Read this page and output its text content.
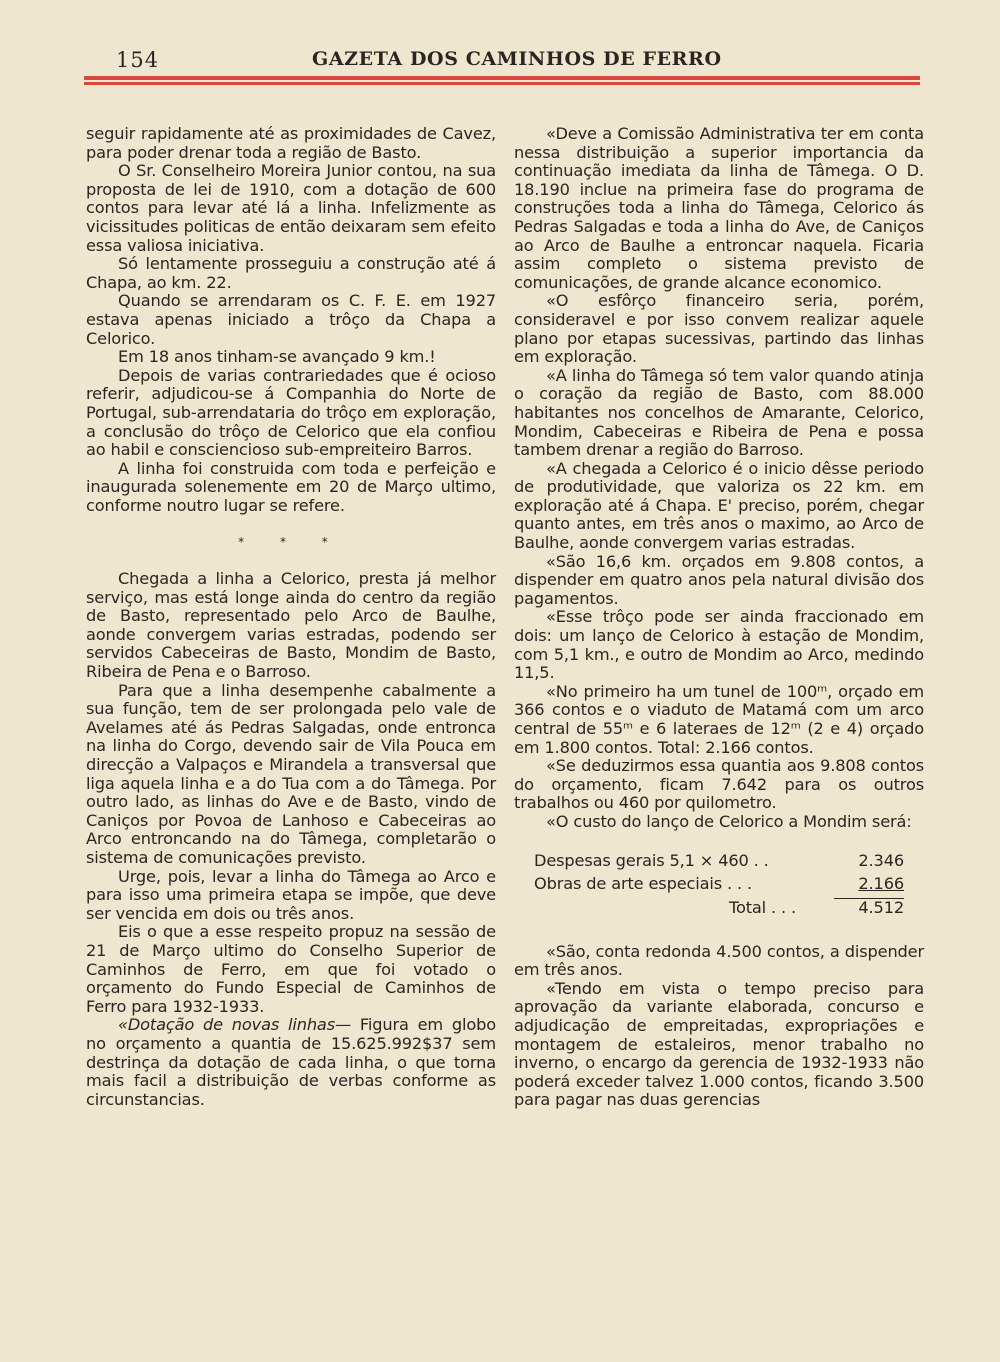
154	GAZETA DOS CAMINHOS DE FERRO

seguir rapidamente até as proximidades de Cavez, para poder drenar toda a região de Basto.

O Sr. Conselheiro Moreira Junior contou, na sua proposta de lei de 1910, com a dotação de 600 contos para levar até lá a linha. Infelizmente as vicissitudes politicas de então deixaram sem efeito essa valiosa iniciativa.

Só lentamente prosseguiu a construção até á Chapa, ao km. 22.

Quando se arrendaram os C. F. E. em 1927 estava apenas iniciado a trôço da Chapa a Celorico.

Em 18 anos tinham-se avançado 9 km.!

Depois de varias contrariedades que é ocioso referir, adjudicou-se á Companhia do Norte de Portugal, sub-arrendataria do trôço em exploração, a conclusão do trôço de Celorico que ela confiou ao habil e consciencioso sub-empreiteiro Barros.

A linha foi construida com toda e perfeição e inaugurada solenemente em 20 de Março ultimo, conforme noutro lugar se refere.

* * *

Chegada a linha a Celorico, presta já melhor serviço, mas está longe ainda do centro da região de Basto, representado pelo Arco de Baulhe, aonde convergem varias estradas, podendo ser servidos Cabeceiras de Basto, Mondim de Basto, Ribeira de Pena e o Barroso.

Para que a linha desempenhe cabalmente a sua função, tem de ser prolongada pelo vale de Avelames até ás Pedras Salgadas, onde entronca na linha do Corgo, devendo sair de Vila Pouca em direcção a Valpaços e Mirandela a transversal que liga aquela linha e a do Tua com a do Tâmega. Por outro lado, as linhas do Ave e de Basto, vindo de Caniços por Povoa de Lanhoso e Cabeceiras ao Arco entroncando na do Tâmega, completarão o sistema de comunicações previsto.

Urge, pois, levar a linha do Tâmega ao Arco e para isso uma primeira etapa se impõe, que deve ser vencida em dois ou três anos.

Eis o que a esse respeito propuz na sessão de 21 de Março ultimo do Conselho Superior de Caminhos de Ferro, em que foi votado o orçamento do Fundo Especial de Caminhos de Ferro para 1932-1933.

«Dotação de novas linhas— Figura em globo no orçamento a quantia de 15.625.992$37 sem destrinça da dotação de cada linha, o que torna mais facil a distribuição de verbas conforme as circunstancias.

«Deve a Comissão Administrativa ter em conta nessa distribuição a superior importancia da continuação imediata da linha de Tâmega. O D. 18.190 inclue na primeira fase do programa de construções toda a linha do Tâmega, Celorico ás Pedras Salgadas e toda a linha do Ave, de Caniços ao Arco de Baulhe a entroncar naquela. Ficaria assim completo o sistema previsto de comunicações, de grande alcance economico.

«O esfôrço financeiro seria, porém, consideravel e por isso convem realizar aquele plano por etapas sucessivas, partindo das linhas em exploração.

«A linha do Tâmega só tem valor quando atinja o coração da região de Basto, com 88.000 habitantes nos concelhos de Amarante, Celorico, Mondim, Cabeceiras e Ribeira de Pena e possa tambem drenar a região do Barroso.

«A chegada a Celorico é o inicio dêsse periodo de produtividade, que valoriza os 22 km. em exploração até á Chapa. E' preciso, porém, chegar quanto antes, em três anos o maximo, ao Arco de Baulhe, aonde convergem varias estradas.

«São 16,6 km. orçados em 9.808 contos, a dispender em quatro anos pela natural divisão dos pagamentos.

«Esse trôço pode ser ainda fraccionado em dois: um lanço de Celorico à estação de Mondim, com 5,1 km., e outro de Mondim ao Arco, medindo 11,5.

«No primeiro ha um tunel de 100ᵐ, orçado em 366 contos e o viaduto de Matamá com um arco central de 55ᵐ e 6 lateraes de 12ᵐ (2 e 4) orçado em 1.800 contos. Total: 2.166 contos.

«Se deduzirmos essa quantia aos 9.808 contos do orçamento, ficam 7.642 para os outros trabalhos ou 460 por quilometro.

«O custo do lanço de Celorico a Mondim será:

Despesas gerais 5,1 × 460 . .	2.346
Obras de arte especiais . . .	2.166
Total . . .	4.512

«São, conta redonda 4.500 contos, a dispender em três anos.

«Tendo em vista o tempo preciso para aprovação da variante elaborada, concurso e adjudicação de empreitadas, expropriações e montagem de estaleiros, menor trabalho no inverno, o encargo da gerencia de 1932-1933 não poderá exceder talvez 1.000 contos, ficando 3.500 para pagar nas duas gerencias
